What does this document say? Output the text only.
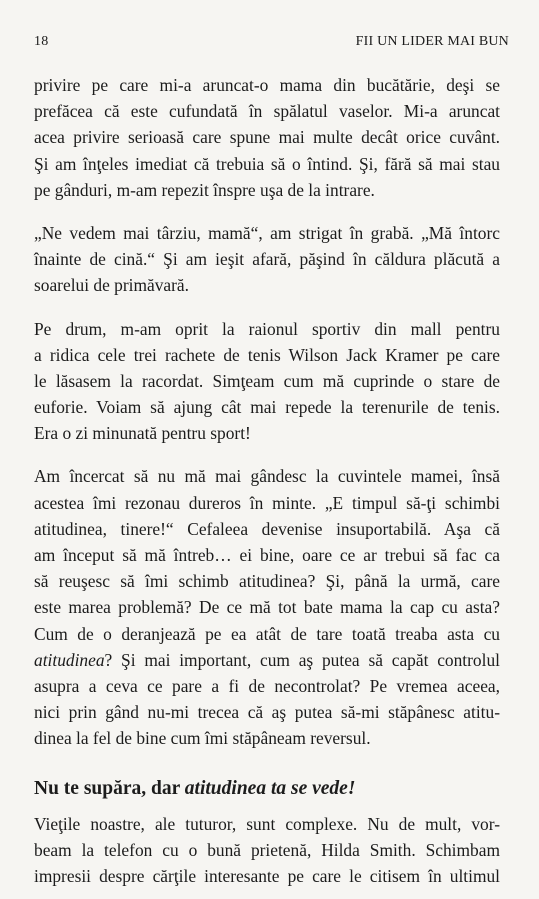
18	FII UN LIDER MAI BUN
privire pe care mi-a aruncat-o mama din bucătărie, deşi se
prefăcea că este cufundată în spălatul vaselor. Mi-a aruncat
acea privire serioasă care spune mai multe decât orice cuvânt.
Şi am înţeles imediat că trebuia să o întind. Şi, fără să mai stau
pe gânduri, m-am repezit înspre uşa de la intrare.
„Ne vedem mai târziu, mamă“, am strigat în grabă. „Mă întorc
înainte de cină.“ Şi am ieşit afară, păşind în căldura plăcută a
soarelui de primăvară.
Pe drum, m-am oprit la raionul sportiv din mall pentru
a ridica cele trei rachete de tenis Wilson Jack Kramer pe care
le lăsasem la racordat. Simţeam cum mă cuprinde o stare de
euforie. Voiam să ajung cât mai repede la terenurile de tenis.
Era o zi minunată pentru sport!
Am încercat să nu mă mai gândesc la cuvintele mamei, însă
acestea îmi rezonau dureros în minte. „E timpul să-ţi schimbi
atitudinea, tinere!“ Cefaleea devenise insuportabilă. Aşa că
am început să mă întreb… ei bine, oare ce ar trebui să fac ca
să reuşesc să îmi schimb atitudinea? Şi, până la urmă, care
este marea problemă? De ce mă tot bate mama la cap cu asta?
Cum de o deranjează pe ea atât de tare toată treaba asta cu
atitudinea? Şi mai important, cum aş putea să capăt controlul
asupra a ceva ce pare a fi de necontrolat? Pe vremea aceea,
nici prin gând nu-mi trecea că aş putea să-mi stăpânesc atitu-
dinea la fel de bine cum îmi stăpâneam reversul.
Nu te supăra, dar atitudinea ta se vede!
Vieţile noastre, ale tuturor, sunt complexe. Nu de mult, vor-
beam la telefon cu o bună prietenă, Hilda Smith. Schimbam
impresii despre cărţile interesante pe care le citisem în ultimul
